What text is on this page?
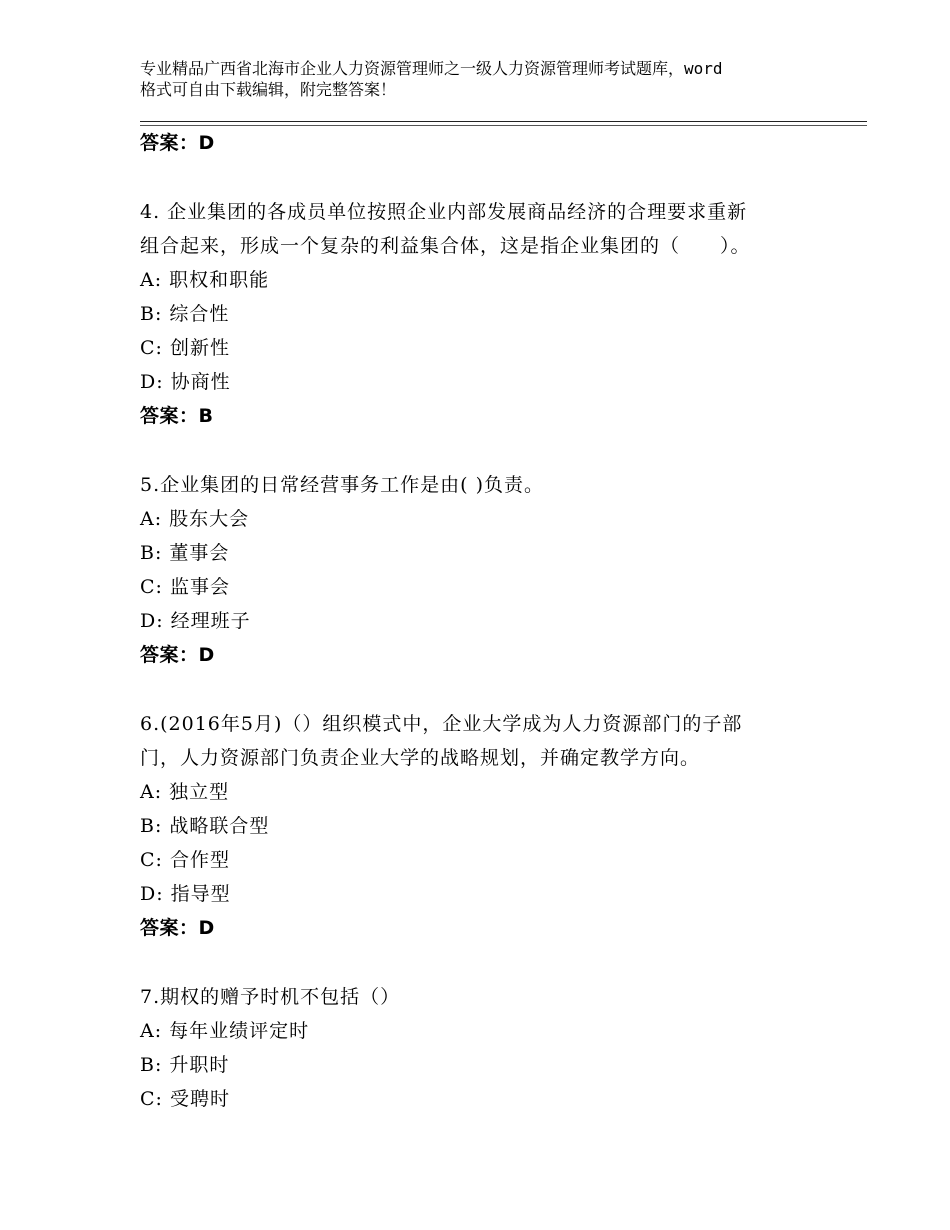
专业精品广西省北海市企业人力资源管理师之一级人力资源管理师考试题库，word
格式可自由下载编辑，附完整答案！
答案：D
4. 企业集团的各成员单位按照企业内部发展商品经济的合理要求重新
组合起来，形成一个复杂的利益集合体，这是指企业集团的（　　）。
A: 职权和职能
B: 综合性
C: 创新性
D: 协商性
答案：B
5.企业集团的日常经营事务工作是由( )负责。
A: 股东大会
B: 董事会
C: 监事会
D: 经理班子
答案：D
6.(2016年5月)（）组织模式中，企业大学成为人力资源部门的子部
门，人力资源部门负责企业大学的战略规划，并确定教学方向。
A: 独立型
B: 战略联合型
C: 合作型
D: 指导型
答案：D
7.期权的赠予时机不包括（）
A: 每年业绩评定时
B: 升职时
C: 受聘时
